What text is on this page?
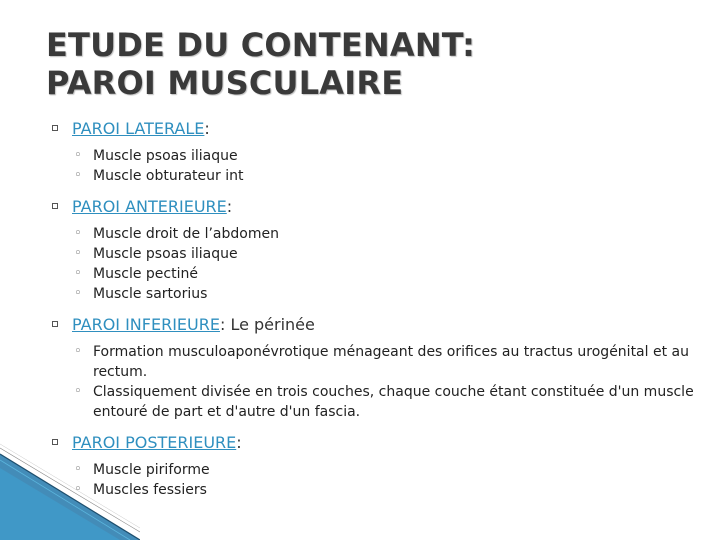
ETUDE DU CONTENANT:
PAROI MUSCULAIRE
PAROI LATERALE:
◦ Muscle psoas iliaque
◦ Muscle obturateur int
PAROI ANTERIEURE:
◦ Muscle droit de l’abdomen
◦ Muscle psoas iliaque
◦ Muscle pectiné
◦ Muscle sartorius
PAROI INFERIEURE: Le périnée
◦ Formation musculoaponévrotique ménageant des orifices au tractus urogénital et au rectum.
◦ Classiquement divisée en trois couches, chaque couche étant constituée d'un muscle entouré de part et d'autre d'un fascia.
PAROI POSTERIEURE:
◦ Muscle piriforme
◦ Muscles fessiers
